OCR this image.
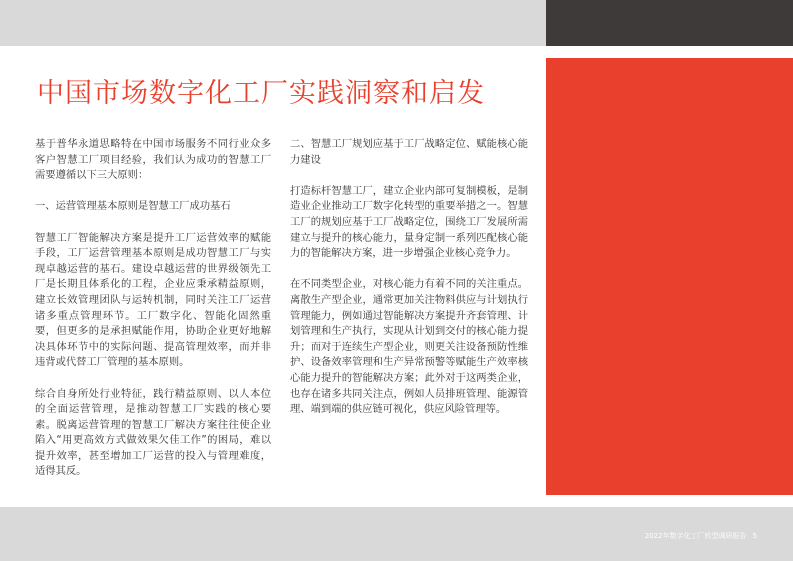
中国市场数字化工厂实践洞察和启发

基于普华永道思略特在中国市场服务不同行业众多客户智慧工厂项目经验，我们认为成功的智慧工厂需要遵循以下三大原则：

一、运营管理基本原则是智慧工厂成功基石

智慧工厂智能解决方案是提升工厂运营效率的赋能手段，工厂运营管理基本原则是成功智慧工厂与实现卓越运营的基石。建设卓越运营的世界级领先工厂是长期且体系化的工程，企业应秉承精益原则，建立长效管理团队与运转机制，同时关注工厂运营诸多重点管理环节。工厂数字化、智能化固然重要，但更多的是承担赋能作用，协助企业更好地解决具体环节中的实际问题、提高管理效率，而并非违背或代替工厂管理的基本原则。

综合自身所处行业特征，践行精益原则、以人本位的全面运营管理，是推动智慧工厂实践的核心要素。脱离运营管理的智慧工厂解决方案往往使企业陷入“用更高效方式做效果欠佳工作”的困局，难以提升效率，甚至增加工厂运营的投入与管理难度，适得其反。

二、智慧工厂规划应基于工厂战略定位、赋能核心能力建设

打造标杆智慧工厂，建立企业内部可复制模板，是制造业企业推动工厂数字化转型的重要举措之一。智慧工厂的规划应基于工厂战略定位，围绕工厂发展所需建立与提升的核心能力，量身定制一系列匹配核心能力的智能解决方案，进一步增强企业核心竞争力。

在不同类型企业，对核心能力有着不同的关注重点。离散生产型企业，通常更加关注物料供应与计划执行管理能力，例如通过智能解决方案提升齐套管理、计划管理和生产执行，实现从计划到交付的核心能力提升；而对于连续生产型企业，则更关注设备预防性维护、设备效率管理和生产异常预警等赋能生产效率核心能力提升的智能解决方案；此外对于这两类企业，也存在诸多共同关注点，例如人员排班管理、能源管理、端到端的供应链可视化，供应风险管理等。

2022年数字化工厂转型调研报告 5
